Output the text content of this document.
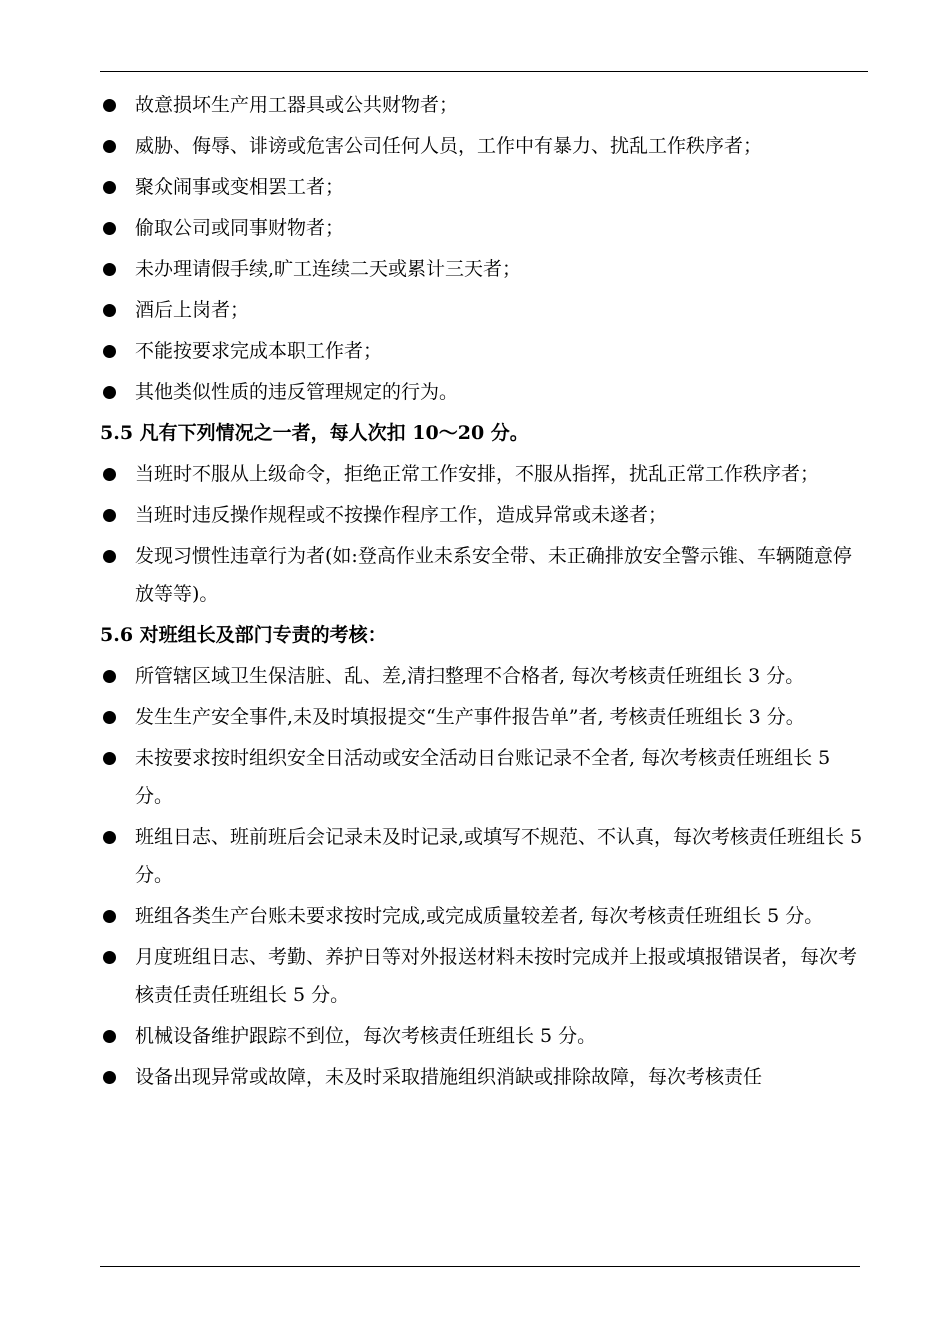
故意损坏生产用工器具或公共财物者；
威胁、侮辱、诽谤或危害公司任何人员，工作中有暴力、扰乱工作秩序者；
聚众闹事或变相罢工者；
偷取公司或同事财物者；
未办理请假手续,旷工连续二天或累计三天者；
酒后上岗者；
不能按要求完成本职工作者；
其他类似性质的违反管理规定的行为。
5.5 凡有下列情况之一者，每人次扣 10～20 分。
当班时不服从上级命令，拒绝正常工作安排，不服从指挥，扰乱正常工作秩序者；
当班时违反操作规程或不按操作程序工作，造成异常或未遂者；
发现习惯性违章行为者(如:登高作业未系安全带、未正确排放安全警示锥、车辆随意停放等等)。
5.6 对班组长及部门专责的考核：
所管辖区域卫生保洁脏、乱、差,清扫整理不合格者, 每次考核责任班组长 3 分。
发生生产安全事件,未及时填报提交“生产事件报告单”者, 考核责任班组长 3 分。
未按要求按时组织安全日活动或安全活动日台账记录不全者, 每次考核责任班组长 5 分。
班组日志、班前班后会记录未及时记录,或填写不规范、不认真，每次考核责任班组长 5 分。
班组各类生产台账未要求按时完成,或完成质量较差者, 每次考核责任班组长 5 分。
月度班组日志、考勤、养护日等对外报送材料未按时完成并上报或填报错误者，每次考核责任责任班组长 5 分。
机械设备维护跟踪不到位，每次考核责任班组长 5 分。
设备出现异常或故障，未及时采取措施组织消缺或排除故障，每次考核责任
